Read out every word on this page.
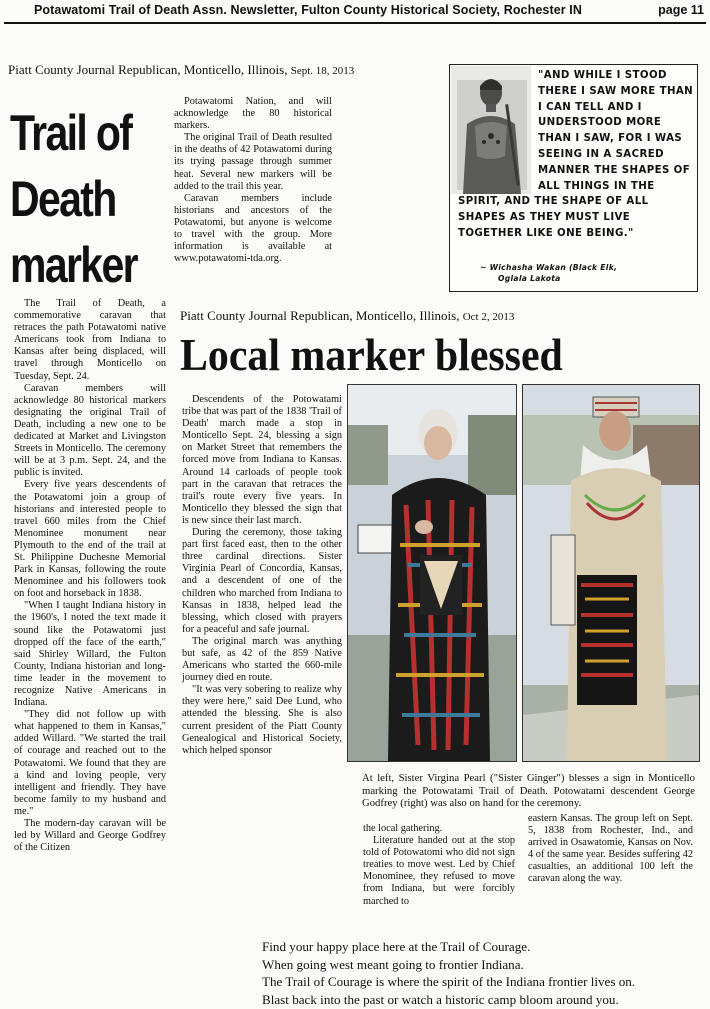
Potawatomi Trail of Death Assn. Newsletter, Fulton County Historical Society, Rochester IN	page 11
Piatt County Journal Republican, Monticello, Illinois, Sept. 18, 2013
Trail of
Death
marker

The Trail of Death, a commemorative caravan that retraces the path Potawatomi native Americans took from Indiana to Kansas after being displaced, will travel through Monticello on Tuesday, Sept. 24.

Caravan members will acknowledge 80 historical markers designating the original Trail of Death, including a new one to be dedicated at Market and Livingston Streets in Monticello. The ceremony will be at 3 p.m. Sept. 24, and the public is invited.

Every five years descendents of the Potawatomi join a group of historians and interested people to travel 660 miles from the Chief Menominee monument near Plymouth to the end of the trail at St. Philippine Duchesne Memorial Park in Kansas, following the route Menominee and his followers took on foot and horseback in 1838.

"When I taught Indiana history in the 1960's, I noted the text made it sound like the Potawatomi just dropped off the face of the earth," said Shirley Willard, the Fulton County, Indiana historian and long-time leader in the movement to recognize Native Americans in Indiana.

"They did not follow up with what happened to them in Kansas," added Willard. "We started the trail of courage and reached out to the Potawatomi. We found that they are a kind and loving people, very intelligent and friendly. They have become family to my husband and me."

The modern-day caravan will be led by Willard and George Godfrey of the Citizen

Potawatomi Nation, and will acknowledge the 80 historical markers.

The original Trail of Death resulted in the deaths of 42 Potawatomi during its trying passage through summer heat. Several new markers will be added to the trail this year.

Caravan members include historians and ancestors of the Potawatomi, but anyone is welcome to travel with the group. More information is available at www.potawatomi-tda.org.

"AND WHILE I STOOD THERE I SAW MORE THAN I CAN TELL AND I UNDERSTOOD MORE THAN I SAW, FOR I WAS SEEING IN A SACRED MANNER THE SHAPES OF ALL THINGS IN THE SPIRIT, AND THE SHAPE OF ALL SHAPES AS THEY MUST LIVE TOGETHER LIKE ONE BEING."
~ Wichasha Wakan (Black Elk,
Oglala Lakota
Piatt County Journal Republican, Monticello, Illinois, Oct 2, 2013
Local marker blessed

Descendents of the Potowatami tribe that was part of the 1838 'Trail of Death' march made a stop in Monticello Sept. 24, blessing a sign on Market Street that remembers the forced move from Indiana to Kansas. Around 14 carloads of people took part in the caravan that retraces the trail's route every five years. In Monticello they blessed the sign that is new since their last march.

During the ceremony, those taking part first faced east, then to the other three cardinal directions. Sister Virginia Pearl of Concordia, Kansas, and a descendent of one of the children who marched from Indiana to Kansas in 1838, helped lead the blessing, which closed with prayers for a peaceful and safe journal.

The original march was anything but safe, as 42 of the 859 Native Americans who started the 660-mile journey died en route.

"It was very sobering to realize why they were here," said Dee Lund, who attended the blessing. She is also current president of the Piatt County Genealogical and Historical Society, which helped sponsor

At left, Sister Virgina Pearl ("Sister Ginger") blesses a sign in Monticello marking the Potowatami Trail of Death. Potowatami descendent George Godfrey (right) was also on hand for the ceremony.

the local gathering.

Literature handed out at the stop told of Potowatomi who did not sign treaties to move west. Led by Chief Monominee, they refused to move from Indiana, but were forcibly marched to

eastern Kansas. The group left on Sept. 5, 1838 from Rochester, Ind., and arrived in Osawatomie, Kansas on Nov. 4 of the same year. Besides suffering 42 casualties, an additional 100 left the caravan along the way.

Find your happy place here at the Trail of Courage.
When going west meant going to frontier Indiana.
The Trail of Courage is where the spirit of the Indiana frontier lives on.
Blast back into the past or watch a historic camp bloom around you.
